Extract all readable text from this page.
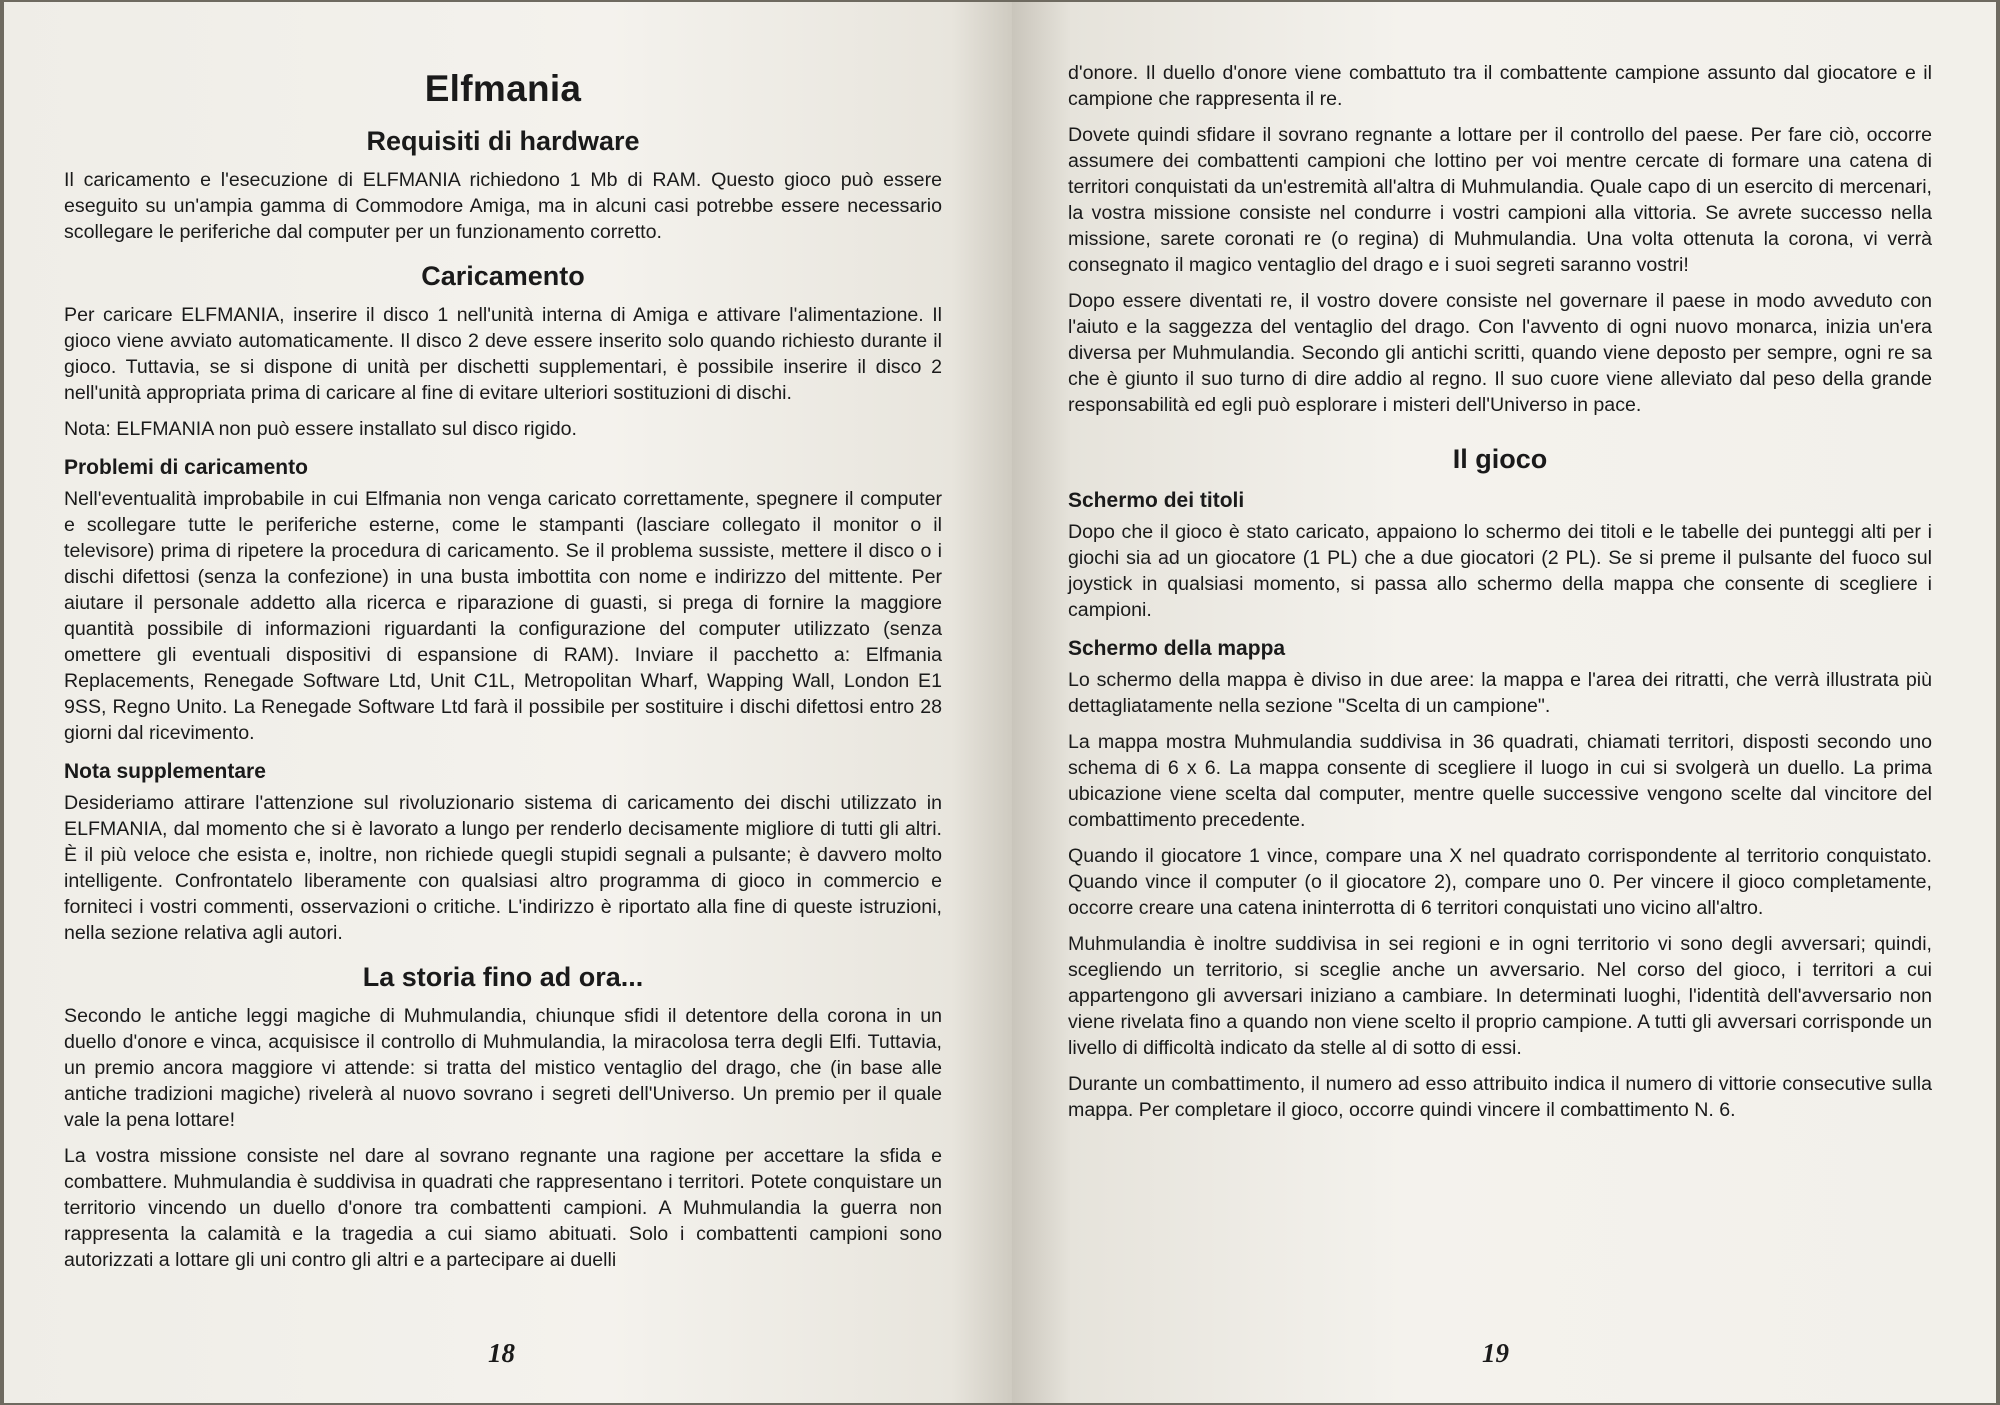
Elfmania
Requisiti di hardware

Il caricamento e l'esecuzione di ELFMANIA richiedono 1 Mb di RAM. Questo gioco può essere eseguito su un'ampia gamma di Commodore Amiga, ma in alcuni casi potrebbe essere necessario scollegare le periferiche dal computer per un funzionamento corretto.

Caricamento

Per caricare ELFMANIA, inserire il disco 1 nell'unità interna di Amiga e attivare l'alimentazione. Il gioco viene avviato automaticamente. Il disco 2 deve essere inserito solo quando richiesto durante il gioco. Tuttavia, se si dispone di unità per dischetti supplementari, è possibile inserire il disco 2 nell'unità appropriata prima di caricare al fine di evitare ulteriori sostituzioni di dischi.

Nota: ELFMANIA non può essere installato sul disco rigido.

Problemi di caricamento

Nell'eventualità improbabile in cui Elfmania non venga caricato correttamente, spegnere il computer e scollegare tutte le periferiche esterne, come le stampanti (lasciare collegato il monitor o il televisore) prima di ripetere la procedura di caricamento. Se il problema sussiste, mettere il disco o i dischi difettosi (senza la confezione) in una busta imbottita con nome e indirizzo del mittente. Per aiutare il personale addetto alla ricerca e riparazione di guasti, si prega di fornire la maggiore quantità possibile di informazioni riguardanti la configurazione del computer utilizzato (senza omettere gli eventuali dispositivi di espansione di RAM). Inviare il pacchetto a: Elfmania Replacements, Renegade Software Ltd, Unit C1L, Metropolitan Wharf, Wapping Wall, London E1 9SS, Regno Unito. La Renegade Software Ltd farà il possibile per sostituire i dischi difettosi entro 28 giorni dal ricevimento.

Nota supplementare

Desideriamo attirare l'attenzione sul rivoluzionario sistema di caricamento dei dischi utilizzato in ELFMANIA, dal momento che si è lavorato a lungo per renderlo decisamente migliore di tutti gli altri. È il più veloce che esista e, inoltre, non richiede quegli stupidi segnali a pulsante; è davvero molto intelligente. Confrontatelo liberamente con qualsiasi altro programma di gioco in commercio e forniteci i vostri commenti, osservazioni o critiche. L'indirizzo è riportato alla fine di queste istruzioni, nella sezione relativa agli autori.

La storia fino ad ora...

Secondo le antiche leggi magiche di Muhmulandia, chiunque sfidi il detentore della corona in un duello d'onore e vinca, acquisisce il controllo di Muhmulandia, la miracolosa terra degli Elfi. Tuttavia, un premio ancora maggiore vi attende: si tratta del mistico ventaglio del drago, che (in base alle antiche tradizioni magiche) rivelerà al nuovo sovrano i segreti dell'Universo. Un premio per il quale vale la pena lottare!

La vostra missione consiste nel dare al sovrano regnante una ragione per accettare la sfida e combattere. Muhmulandia è suddivisa in quadrati che rappresentano i territori. Potete conquistare un territorio vincendo un duello d'onore tra combattenti campioni. A Muhmulandia la guerra non rappresenta la calamità e la tragedia a cui siamo abituati. Solo i combattenti campioni sono autorizzati a lottare gli uni contro gli altri e a partecipare ai duelli

18

d'onore. Il duello d'onore viene combattuto tra il combattente campione assunto dal giocatore e il campione che rappresenta il re.

Dovete quindi sfidare il sovrano regnante a lottare per il controllo del paese. Per fare ciò, occorre assumere dei combattenti campioni che lottino per voi mentre cercate di formare una catena di territori conquistati da un'estremità all'altra di Muhmulandia. Quale capo di un esercito di mercenari, la vostra missione consiste nel condurre i vostri campioni alla vittoria. Se avrete successo nella missione, sarete coronati re (o regina) di Muhmulandia. Una volta ottenuta la corona, vi verrà consegnato il magico ventaglio del drago e i suoi segreti saranno vostri!

Dopo essere diventati re, il vostro dovere consiste nel governare il paese in modo avveduto con l'aiuto e la saggezza del ventaglio del drago. Con l'avvento di ogni nuovo monarca, inizia un'era diversa per Muhmulandia. Secondo gli antichi scritti, quando viene deposto per sempre, ogni re sa che è giunto il suo turno di dire addio al regno. Il suo cuore viene alleviato dal peso della grande responsabilità ed egli può esplorare i misteri dell'Universo in pace.

Il gioco
Schermo dei titoli

Dopo che il gioco è stato caricato, appaiono lo schermo dei titoli e le tabelle dei punteggi alti per i giochi sia ad un giocatore (1 PL) che a due giocatori (2 PL). Se si preme il pulsante del fuoco sul joystick in qualsiasi momento, si passa allo schermo della mappa che consente di scegliere i campioni.

Schermo della mappa

Lo schermo della mappa è diviso in due aree: la mappa e l'area dei ritratti, che verrà illustrata più dettagliatamente nella sezione "Scelta di un campione".

La mappa mostra Muhmulandia suddivisa in 36 quadrati, chiamati territori, disposti secondo uno schema di 6 x 6. La mappa consente di scegliere il luogo in cui si svolgerà un duello. La prima ubicazione viene scelta dal computer, mentre quelle successive vengono scelte dal vincitore del combattimento precedente.

Quando il giocatore 1 vince, compare una X nel quadrato corrispondente al territorio conquistato. Quando vince il computer (o il giocatore 2), compare uno 0. Per vincere il gioco completamente, occorre creare una catena ininterrotta di 6 territori conquistati uno vicino all'altro.

Muhmulandia è inoltre suddivisa in sei regioni e in ogni territorio vi sono degli avversari; quindi, scegliendo un territorio, si sceglie anche un avversario. Nel corso del gioco, i territori a cui appartengono gli avversari iniziano a cambiare. In determinati luoghi, l'identità dell'avversario non viene rivelata fino a quando non viene scelto il proprio campione. A tutti gli avversari corrisponde un livello di difficoltà indicato da stelle al di sotto di essi.

Durante un combattimento, il numero ad esso attribuito indica il numero di vittorie consecutive sulla mappa. Per completare il gioco, occorre quindi vincere il combattimento N. 6.

19
